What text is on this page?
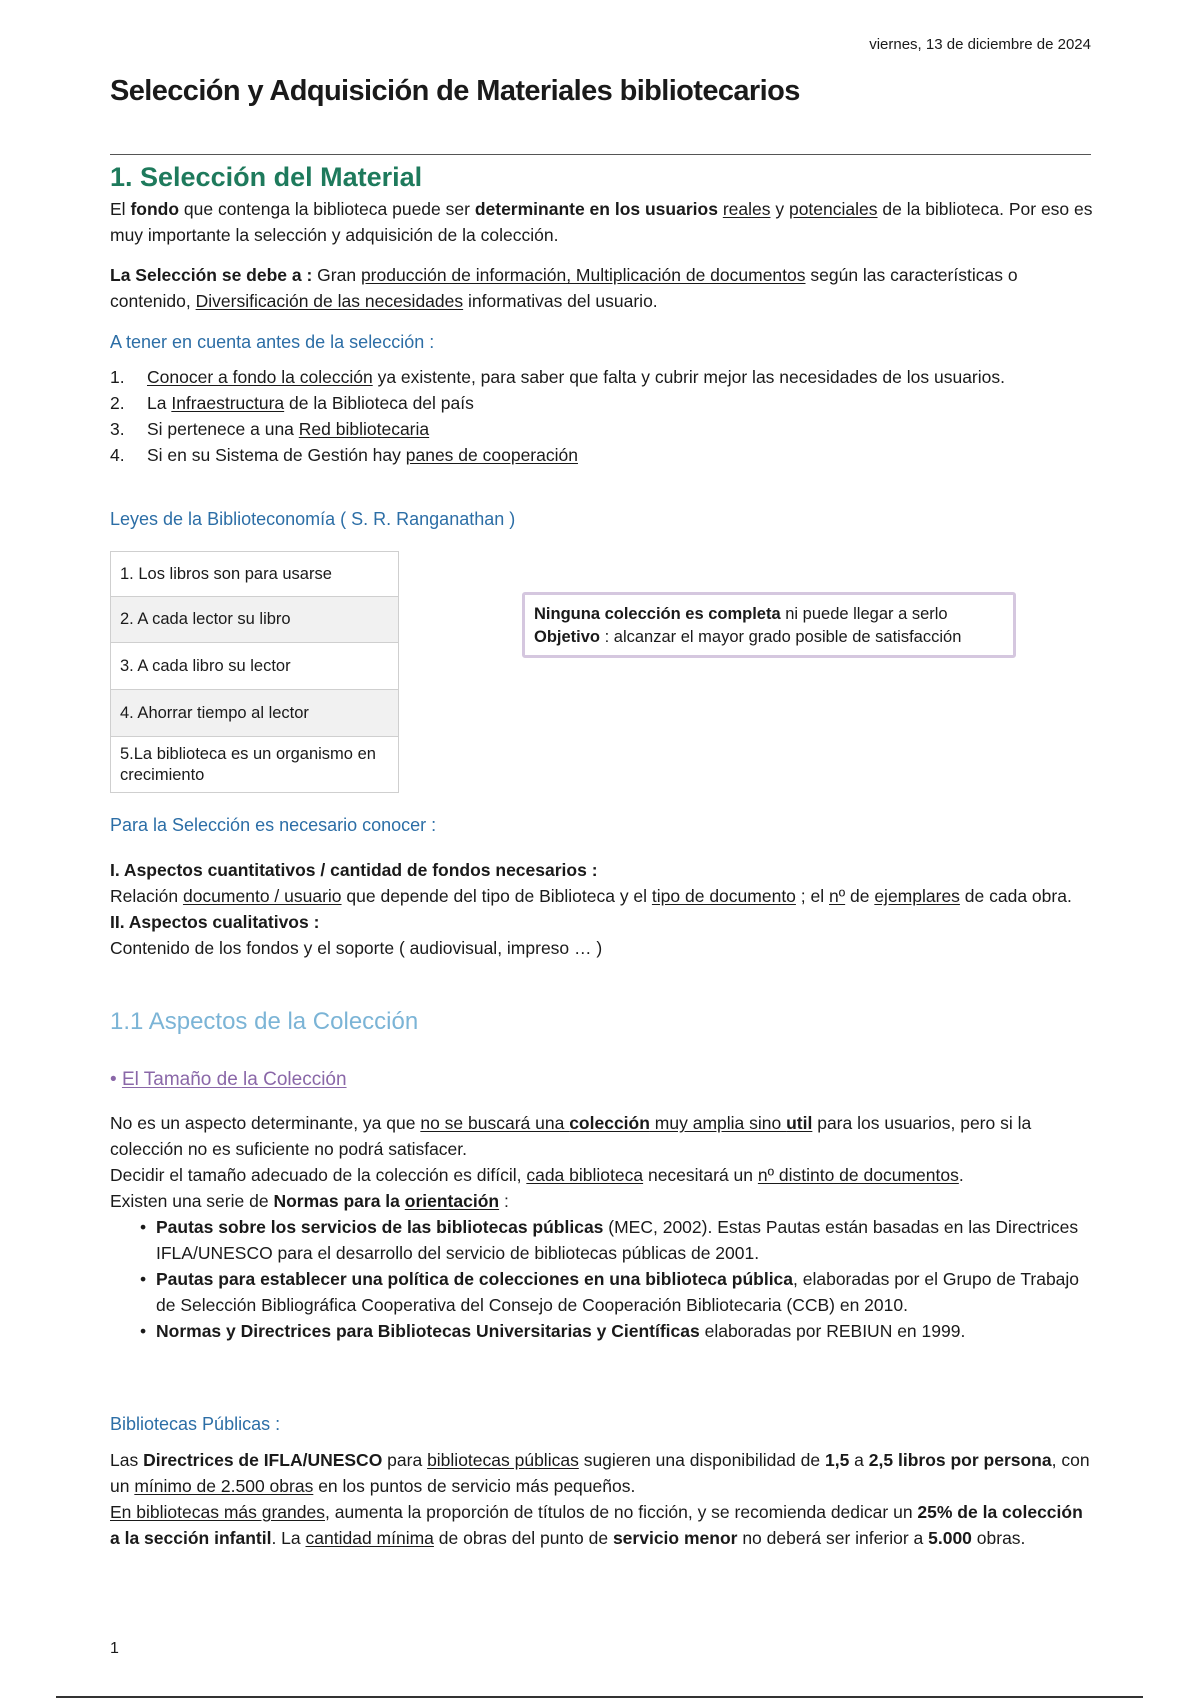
viernes, 13 de diciembre de 2024
Selección y Adquisición de Materiales bibliotecarios
1. Selección del Material
El fondo que contenga la biblioteca puede ser determinante en los usuarios reales y potenciales de la biblioteca. Por eso es muy importante la selección y adquisición de la colección.
La Selección se debe a : Gran producción de información, Multiplicación de documentos según las características o contenido, Diversificación de las necesidades informativas del usuario.
A tener en cuenta antes de la selección :
1. Conocer a fondo la colección ya existente, para saber que falta y cubrir mejor las necesidades de los usuarios.
2. La Infraestructura de la Biblioteca del país
3. Si pertenece a una Red bibliotecaria
4. Si en su Sistema de Gestión hay panes de cooperación
Leyes de la Biblioteconomía ( S. R. Ranganathan )
1. Los libros son para usarse
2. A cada lector su libro
3. A cada libro su lector
4. Ahorrar tiempo al lector
5.La biblioteca es un organismo en crecimiento
Ninguna colección es completa ni puede llegar a serlo
Objetivo : alcanzar el mayor grado posible de satisfacción
Para la Selección es necesario conocer :
I. Aspectos cuantitativos / cantidad de fondos necesarios :
Relación documento / usuario que depende del tipo de Biblioteca y el tipo de documento ; el nº de ejemplares de cada obra.
II. Aspectos cualitativos :
Contenido de los fondos y el soporte ( audiovisual, impreso … )
1.1 Aspectos de la Colección
• El Tamaño de la Colección
No es un aspecto determinante, ya que no se buscará una colección muy amplia sino util para los usuarios, pero si la colección no es suficiente no podrá satisfacer.
Decidir el tamaño adecuado de la colección es difícil, cada biblioteca necesitará un nº distinto de documentos.
Existen una serie de Normas para la orientación :
• Pautas sobre los servicios de las bibliotecas públicas (MEC, 2002). Estas Pautas están basadas en las Directrices IFLA/UNESCO para el desarrollo del servicio de bibliotecas públicas de 2001.
• Pautas para establecer una política de colecciones en una biblioteca pública, elaboradas por el Grupo de Trabajo de Selección Bibliográfica Cooperativa del Consejo de Cooperación Bibliotecaria (CCB) en 2010.
• Normas y Directrices para Bibliotecas Universitarias y Científicas elaboradas por REBIUN en 1999.
Bibliotecas Públicas :
Las Directrices de IFLA/UNESCO para bibliotecas públicas sugieren una disponibilidad de 1,5 a 2,5 libros por persona, con un mínimo de 2.500 obras en los puntos de servicio más pequeños.
En bibliotecas más grandes, aumenta la proporción de títulos de no ficción, y se recomienda dedicar un 25% de la colección a la sección infantil. La cantidad mínima de obras del punto de servicio menor no deberá ser inferior a 5.000 obras.
1
